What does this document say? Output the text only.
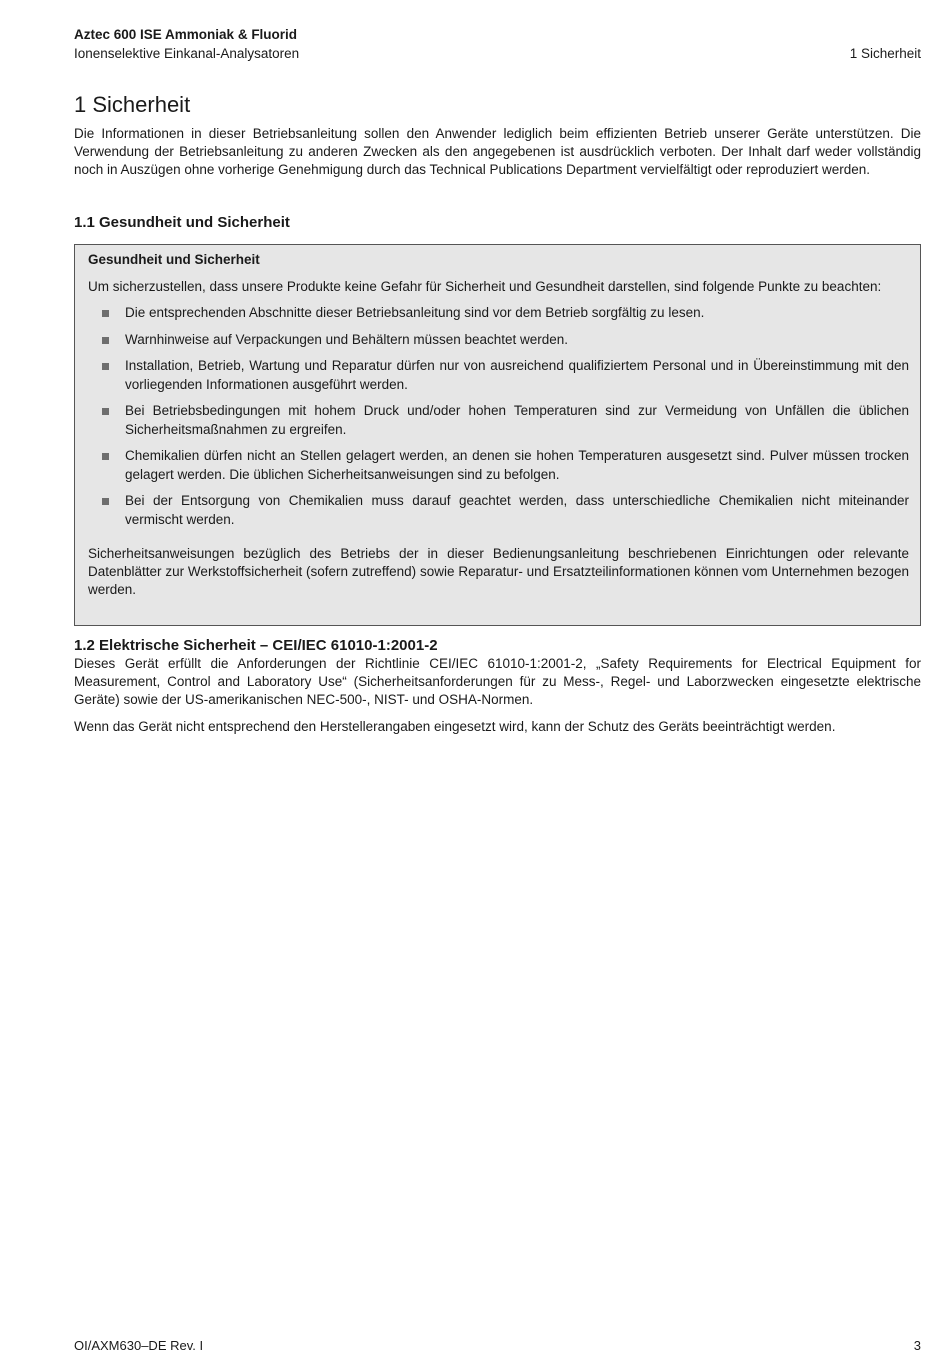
Aztec 600 ISE Ammoniak & Fluorid
Ionenselektive Einkanal-Analysatoren	1 Sicherheit
1 Sicherheit

Die Informationen in dieser Betriebsanleitung sollen den Anwender lediglich beim effizienten Betrieb unserer Geräte unterstützen. Die Verwendung der Betriebsanleitung zu anderen Zwecken als den angegebenen ist ausdrücklich verboten. Der Inhalt darf weder vollständig noch in Auszügen ohne vorherige Genehmigung durch das Technical Publications Department vervielfältigt oder reproduziert werden.

1.1 Gesundheit und Sicherheit

Gesundheit und Sicherheit

Um sicherzustellen, dass unsere Produkte keine Gefahr für Sicherheit und Gesundheit darstellen, sind folgende Punkte zu beachten:

Die entsprechenden Abschnitte dieser Betriebsanleitung sind vor dem Betrieb sorgfältig zu lesen.
Warnhinweise auf Verpackungen und Behältern müssen beachtet werden.
Installation, Betrieb, Wartung und Reparatur dürfen nur von ausreichend qualifiziertem Personal und in Übereinstimmung mit den vorliegenden Informationen ausgeführt werden.
Bei Betriebsbedingungen mit hohem Druck und/oder hohen Temperaturen sind zur Vermeidung von Unfällen die üblichen Sicherheitsmaßnahmen zu ergreifen.
Chemikalien dürfen nicht an Stellen gelagert werden, an denen sie hohen Temperaturen ausgesetzt sind. Pulver müssen trocken gelagert werden. Die üblichen Sicherheitsanweisungen sind zu befolgen.
Bei der Entsorgung von Chemikalien muss darauf geachtet werden, dass unterschiedliche Chemikalien nicht miteinander vermischt werden.

Sicherheitsanweisungen bezüglich des Betriebs der in dieser Bedienungsanleitung beschriebenen Einrichtungen oder relevante Datenblätter zur Werkstoffsicherheit (sofern zutreffend) sowie Reparatur- und Ersatzteilinformationen können vom Unternehmen bezogen werden.

1.2 Elektrische Sicherheit – CEI/IEC 61010-1:2001-2

Dieses Gerät erfüllt die Anforderungen der Richtlinie CEI/IEC 61010-1:2001-2, „Safety Requirements for Electrical Equipment for Measurement, Control and Laboratory Use“ (Sicherheitsanforderungen für zu Mess-, Regel- und Laborzwecken eingesetzte elektrische Geräte) sowie der US-amerikanischen NEC-500-, NIST- und OSHA-Normen.

Wenn das Gerät nicht entsprechend den Herstellerangaben eingesetzt wird, kann der Schutz des Geräts beeinträchtigt werden.

OI/AXM630–DE Rev. I	3
